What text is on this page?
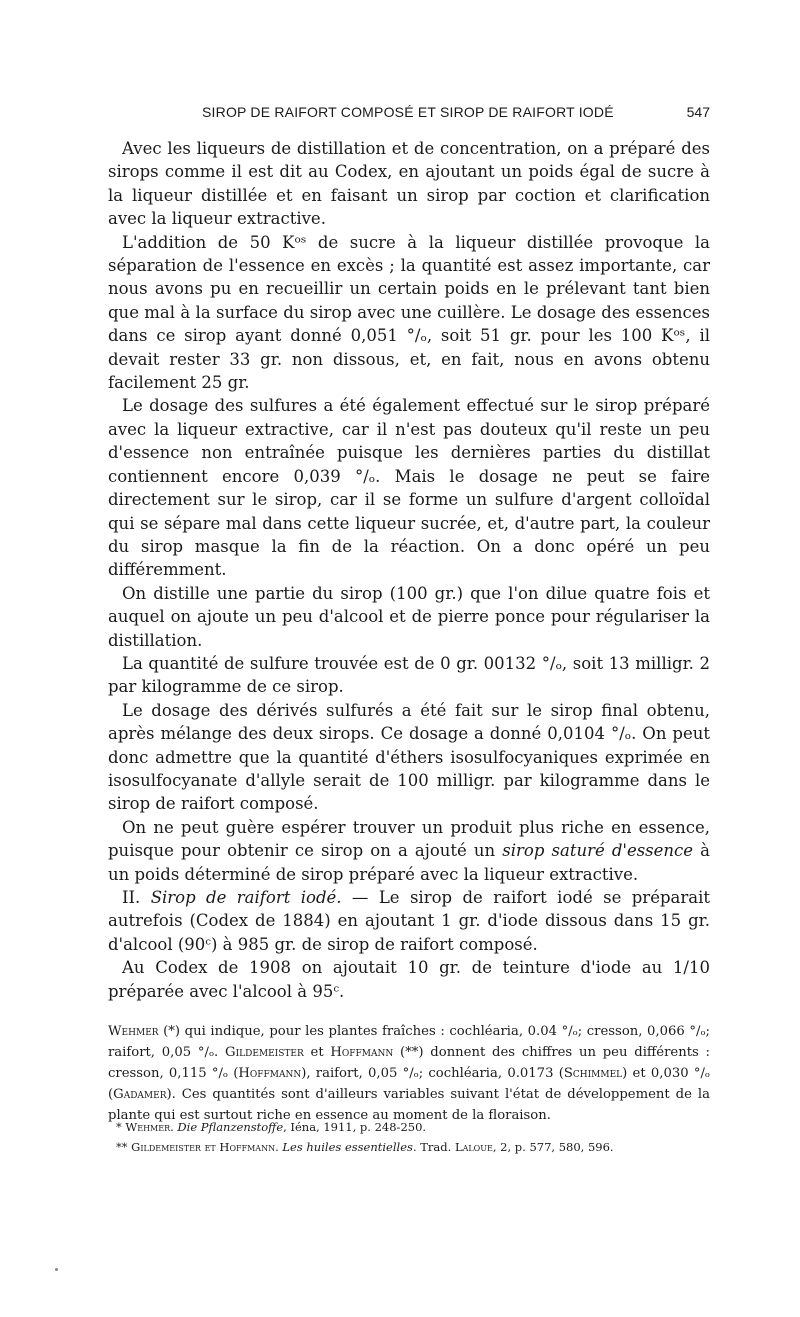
SIROP DE RAIFORT COMPOSÉ ET SIROP DE RAIFORT IODÉ	547

Avec les liqueurs de distillation et de concentration, on a préparé des sirops comme il est dit au Codex, en ajoutant un poids égal de sucre à la liqueur distillée et en faisant un sirop par coction et clarification avec la liqueur extractive.

L'addition de 50 Kᵒˢ de sucre à la liqueur distillée provoque la séparation de l'essence en excès ; la quantité est assez importante, car nous avons pu en recueillir un certain poids en le prélevant tant bien que mal à la surface du sirop avec une cuillère. Le dosage des essences dans ce sirop ayant donné 0,051 °/ₒ, soit 51 gr. pour les 100 Kᵒˢ, il devait rester 33 gr. non dissous, et, en fait, nous en avons obtenu facilement 25 gr.

Le dosage des sulfures a été également effectué sur le sirop préparé avec la liqueur extractive, car il n'est pas douteux qu'il reste un peu d'essence non entraînée puisque les dernières parties du distillat contiennent encore 0,039 °/ₒ. Mais le dosage ne peut se faire directement sur le sirop, car il se forme un sulfure d'argent colloïdal qui se sépare mal dans cette liqueur sucrée, et, d'autre part, la couleur du sirop masque la fin de la réaction. On a donc opéré un peu différemment.

On distille une partie du sirop (100 gr.) que l'on dilue quatre fois et auquel on ajoute un peu d'alcool et de pierre ponce pour régulariser la distillation.

La quantité de sulfure trouvée est de 0 gr. 00132 °/ₒ, soit 13 milligr. 2 par kilogramme de ce sirop.

Le dosage des dérivés sulfurés a été fait sur le sirop final obtenu, après mélange des deux sirops. Ce dosage a donné 0,0104 °/ₒ. On peut donc admettre que la quantité d'éthers isosulfocyaniques exprimée en isosulfocyanate d'allyle serait de 100 milligr. par kilogramme dans le sirop de raifort composé.

On ne peut guère espérer trouver un produit plus riche en essence, puisque pour obtenir ce sirop on a ajouté un sirop saturé d'essence à un poids déterminé de sirop préparé avec la liqueur extractive.

II. Sirop de raifort iodé. — Le sirop de raifort iodé se préparait autrefois (Codex de 1884) en ajoutant 1 gr. d'iode dissous dans 15 gr. d'alcool (90ᶜ) à 985 gr. de sirop de raifort composé.

Au Codex de 1908 on ajoutait 10 gr. de teinture d'iode au 1/10 préparée avec l'alcool à 95ᶜ.

Wehmer (*) qui indique, pour les plantes fraîches : cochléaria, 0.04 °/ₒ; cresson, 0,066 °/ₒ; raifort, 0,05 °/ₒ. Gildemeister et Hoffmann (**) donnent des chiffres un peu différents : cresson, 0,115 °/ₒ (Hoffmann), raifort, 0,05 °/ₒ; cochléaria, 0.0173 (Schimmel) et 0,030 °/ₒ (Gadamer). Ces quantités sont d'ailleurs variables suivant l'état de développement de la plante qui est surtout riche en essence au moment de la floraison.

* Wehmer. Die Pflanzenstoffe, Iéna, 1911, p. 248-250.

** Gildemeister et Hoffmann. Les huiles essentielles. Trad. Laloue, 2, p. 577, 580, 596.
